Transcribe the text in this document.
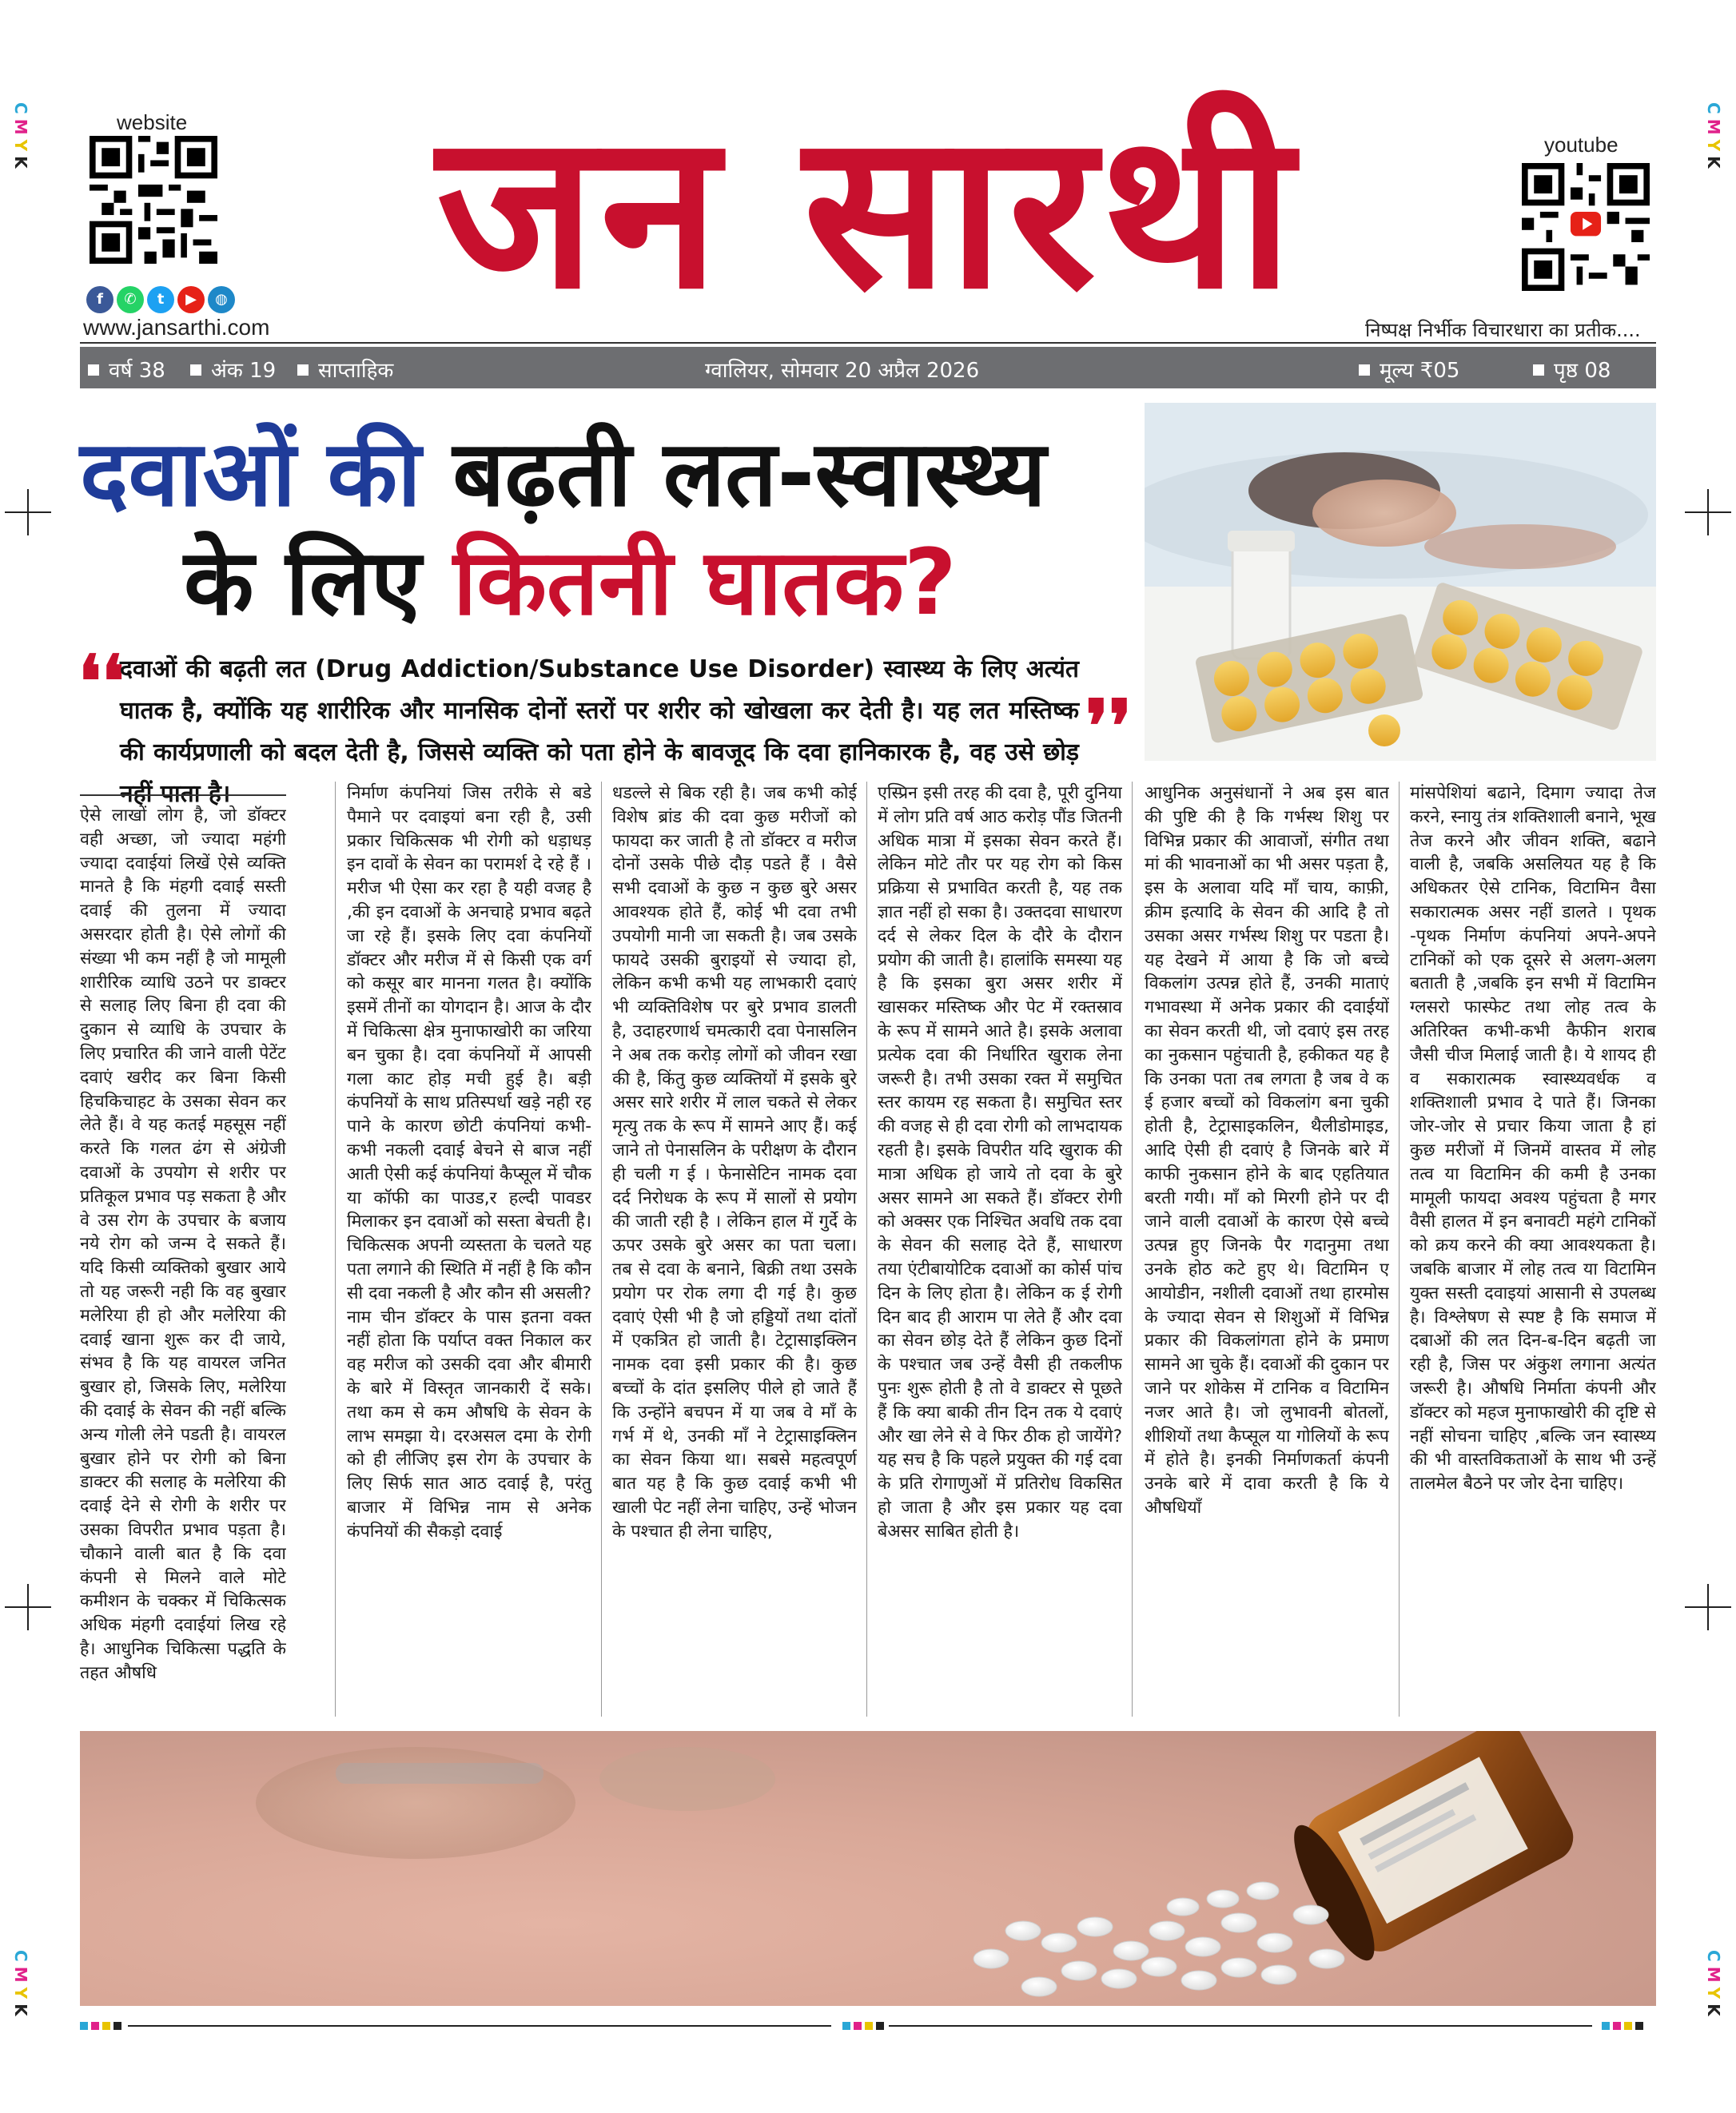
CMYK
CMYK
CMYK
CMYK
website
f	✆	t	▶	◍
www.jansarthi.com जन सारथी	youtube
निष्पक्ष निर्भीक विचारधारा का प्रतीक....
वर्ष 38	अंक 19	साप्ताहिक	ग्वालियर, सोमवार 20 अप्रैल 2026	मूल्य ₹05	पृष्ठ 08
दवाओं की बढ़ती लत-स्वास्थ्य
के लिए कितनी घातक?
❛❛
दवाओं की बढ़ती लत (Drug Addiction/Substance Use Disorder) स्वास्थ्य के लिए अत्यंत घातक है, क्योंकि यह शारीरिक और मानसिक दोनों स्तरों पर शरीर को खोखला कर देती है। यह लत मस्तिष्क की कार्यप्रणाली को बदल देती है, जिससे व्यक्ति को पता होने के बावजूद कि दवा हानिकारक है, वह उसे छोड़ नहीं पाता है।
❜❜
ऐसे लाखों लोग है, जो डॉक्टर वही अच्छा, जो ज्यादा महंगी ज्यादा दवाईयां लिखें ऐसे व्यक्ति मानते है कि मंहगी दवाई सस्ती दवाई की तुलना में ज्यादा असरदार होती है। ऐसे लोगों की संख्या भी कम नहीं है जो मामूली शारीरिक व्याधि उठने पर डाक्टर से सलाह लिए बिना ही दवा की दुकान से व्याधि के उपचार के लिए प्रचारित की जाने वाली पेटेंट दवाएं खरीद कर बिना किसी हिचकिचाहट के उसका सेवन कर लेते हैं। वे यह कतई महसूस नहीं करते कि गलत ढंग से अंग्रेजी दवाओं के उपयोग से शरीर पर प्रतिकूल प्रभाव पड़ सकता है और वे उस रोग के उपचार के बजाय नये रोग को जन्म दे सकते हैं। यदि किसी व्यक्तिको बुखार आये तो यह जरूरी नही कि वह बुखार मलेरिया ही हो और मलेरिया की दवाई खाना शुरू कर दी जाये, संभव है कि यह वायरल जनित बुखार हो, जिसके लिए, मलेरिया की दवाई के सेवन की नहीं बल्कि अन्य गोली लेने पडती है। वायरल बुखार होने पर रोगी को बिना डाक्टर की सलाह के मलेरिया की दवाई देने से रोगी के शरीर पर उसका विपरीत प्रभाव पड़ता है। चौकाने वाली बात है कि दवा कंपनी से मिलने वाले मोटे कमीशन के चक्कर में चिकित्सक अधिक मंहगी दवाईयां लिख रहे है। आधुनिक चिकित्सा पद्धति के तहत औषधि
निर्माण कंपनियां जिस तरीके से बडे पैमाने पर दवाइयां बना रही है, उसी प्रकार चिकित्सक भी रोगी को धड़ाधड़ इन दावों के सेवन का परामर्श दे रहे हैं । मरीज भी ऐसा कर रहा है यही वजह है ,की इन दवाओं के अनचाहे प्रभाव बढ़ते जा रहे हैं। इसके लिए दवा कंपनियों डॉक्टर और मरीज में से किसी एक वर्ग को कसूर बार मानना गलत है। क्योंकि इसमें तीनों का योगदान है। आज के दौर में चिकित्सा क्षेत्र मुनाफाखोरी का जरिया बन चुका है। दवा कंपनियों में आपसी गला काट होड़ मची हुई है। बड़ी कंपनियों के साथ प्रतिस्पर्धा खड़े नही रह पाने के कारण छोटी कंपनियां कभी-कभी नकली दवाई बेचने से बाज नहीं आती ऐसी कई कंपनियां कैप्सूल में चौक या कॉफी का पाउड,र हल्दी पावडर मिलाकर इन दवाओं को सस्ता बेचती है। चिकित्सक अपनी व्यस्तता के चलते यह पता लगाने की स्थिति में नहीं है कि कौन सी दवा नकली है और कौन सी असली? नाम चीन डॉक्टर के पास इतना वक्त नहीं होता कि पर्याप्त वक्त निकाल कर वह मरीज को उसकी दवा और बीमारी के बारे में विस्तृत जानकारी दें सके। तथा कम से कम औषधि के सेवन के लाभ समझा ये। दरअसल दमा के रोगी को ही लीजिए इस रोग के उपचार के लिए सिर्फ सात आठ दवाई है, परंतु बाजार में विभिन्न नाम से अनेक कंपनियों की सैकड़ो दवाई
धडल्ले से बिक रही है। जब कभी कोई विशेष ब्रांड की दवा कुछ मरीजों को फायदा कर जाती है तो डॉक्टर व मरीज दोनों उसके पीछे दौड़ पडते हैं । वैसे सभी दवाओं के कुछ न कुछ बुरे असर आवश्यक होते हैं, कोई भी दवा तभी उपयोगी मानी जा सकती है। जब उसके फायदे उसकी बुराइयों से ज्यादा हो, लेकिन कभी कभी यह लाभकारी दवाएं भी व्यक्तिविशेष पर बुरे प्रभाव डालती है, उदाहरणार्थ चमत्कारी दवा पेनासलिन ने अब तक करोड़ लोगों को जीवन रखा की है, किंतु कुछ व्यक्तियों में इसके बुरे असर सारे शरीर में लाल चकते से लेकर मृत्यु तक के रूप में सामने आए हैं। कई जाने तो पेनासलिन के परीक्षण के दौरान ही चली ग ई । फेनासेटिन नामक दवा दर्द निरोधक के रूप में सालों से प्रयोग की जाती रही है । लेकिन हाल में गुर्दे के ऊपर उसके बुरे असर का पता चला। तब से दवा के बनाने, बिक्री तथा उसके प्रयोग पर रोक लगा दी गई है। कुछ दवाएं ऐसी भी है जो हड्डियों तथा दांतों में एकत्रित हो जाती है। टेट्रासाइक्लिन नामक दवा इसी प्रकार की है। कुछ बच्चों के दांत इसलिए पीले हो जाते हैं कि उन्होंने बचपन में या जब वे माँ के गर्भ में थे, उनकी माँ ने टेट्रासाइक्लिन का सेवन किया था। सबसे महत्वपूर्ण बात यह है कि कुछ दवाई कभी भी खाली पेट नहीं लेना चाहिए, उन्हें भोजन के पश्चात ही लेना चाहिए,
एस्प्रिन इसी तरह की दवा है, पूरी दुनिया में लोग प्रति वर्ष आठ करोड़ पौंड जितनी अधिक मात्रा में इसका सेवन करते हैं। लेकिन मोटे तौर पर यह रोग को किस प्रक्रिया से प्रभावित करती है, यह तक ज्ञात नहीं हो सका है। उक्तदवा साधारण दर्द से लेकर दिल के दौरे के दौरान प्रयोग की जाती है। हालांकि समस्या यह है कि इसका बुरा असर शरीर में खासकर मस्तिष्क और पेट में रक्तस्राव के रूप में सामने आते है। इसके अलावा प्रत्येक दवा की निर्धारित खुराक लेना जरूरी है। तभी उसका रक्त में समुचित स्तर कायम रह सकता है। समुचित स्तर की वजह से ही दवा रोगी को लाभदायक रहती है। इसके विपरीत यदि खुराक की मात्रा अधिक हो जाये तो दवा के बुरे असर सामने आ सकते हैं। डॉक्टर रोगी को अक्सर एक निश्चित अवधि तक दवा के सेवन की सलाह देते हैं, साधारण तया एंटीबायोटिक दवाओं का कोर्स पांच दिन के लिए होता है। लेकिन क ई रोगी दिन बाद ही आराम पा लेते हैं और दवा का सेवन छोड़ देते हैं लेकिन कुछ दिनों के पश्चात जब उन्हें वैसी ही तकलीफ पुनः शुरू होती है तो वे डाक्टर से पूछते हैं कि क्या बाकी तीन दिन तक ये दवाएं और खा लेने से वे फिर ठीक हो जायेंगे? यह सच है कि पहले प्रयुक्त की गई दवा के प्रति रोगाणुओं में प्रतिरोध विकसित हो जाता है और इस प्रकार यह दवा बेअसर साबित होती है।
आधुनिक अनुसंधानों ने अब इस बात की पुष्टि की है कि गर्भस्थ शिशु पर विभिन्न प्रकार की आवाजों, संगीत तथा मां की भावनाओं का भी असर पड़ता है, इस के अलावा यदि माँ चाय, काफ़ी, क्रीम इत्यादि के सेवन की आदि है तो उसका असर गर्भस्थ शिशु पर पडता है। यह देखने में आया है कि जो बच्चे विकलांग उत्पन्न होते हैं, उनकी माताएं गभावस्था में अनेक प्रकार की दवाईयों का सेवन करती थी, जो दवाएं इस तरह का नुकसान पहुंचाती है, हकीकत यह है कि उनका पता तब लगता है जब वे क ई हजार बच्चों को विकलांग बना चुकी होती है, टेट्रासाइकलिन, थैलीडोमाइड, आदि ऐसी ही दवाएं है जिनके बारे में काफी नुकसान होने के बाद एहतियात बरती गयी। माँ को मिरगी होने पर दी जाने वाली दवाओं के कारण ऐसे बच्चे उत्पन्न हुए जिनके पैर गदानुमा तथा उनके होठ कटे हुए थे। विटामिन ए आयोडीन, नशीली दवाओं तथा हारमोस के ज्यादा सेवन से शिशुओं में विभिन्न प्रकार की विकलांगता होने के प्रमाण सामने आ चुके हैं। दवाओं की दुकान पर जाने पर शोकेस में टानिक व विटामिन नजर आते है। जो लुभावनी बोतलों, शीशियों तथा कैप्सूल या गोलियों के रूप में होते है। इनकी निर्माणकर्ता कंपनी उनके बारे में दावा करती है कि ये औषधियाँ
मांसपेशियां बढाने, दिमाग ज्यादा तेज करने, स्नायु तंत्र शक्तिशाली बनाने, भूख तेज करने और जीवन शक्ति, बढाने वाली है, जबकि असलियत यह है कि अधिकतर ऐसे टानिक, विटामिन वैसा सकारात्मक असर नहीं डालते । पृथक -पृथक निर्माण कंपनियां अपने-अपने टानिकों को एक दूसरे से अलग-अलग बताती है ,जबकि इन सभी में विटामिन ग्लसरो फास्फेट तथा लोह तत्व के अतिरिक्त कभी-कभी कैफीन शराब जैसी चीज मिलाई जाती है। ये शायद ही व सकारात्मक स्वास्थ्यवर्धक व शक्तिशाली प्रभाव दे पाते हैं। जिनका जोर-जोर से प्रचार किया जाता है हां कुछ मरीजों में जिनमें वास्तव में लोह तत्व या विटामिन की कमी है उनका मामूली फायदा अवश्य पहुंचता है मगर वैसी हालत में इन बनावटी महंगे टानिकों को क्रय करने की क्या आवश्यकता है। जबकि बाजार में लोह तत्व या विटामिन युक्त सस्ती दवाइयां आसानी से उपलब्ध है। विश्लेषण से स्पष्ट है कि समाज में दबाओं की लत दिन-ब-दिन बढ़ती जा रही है, जिस पर अंकुश लगाना अत्यंत जरूरी है। औषधि निर्माता कंपनी और डॉक्टर को महज मुनाफाखोरी की दृष्टि से नहीं सोचना चाहिए ,बल्कि जन स्वास्थ्य की भी वास्तविकताओं के साथ भी उन्हें तालमेल बैठने पर जोर देना चाहिए।
